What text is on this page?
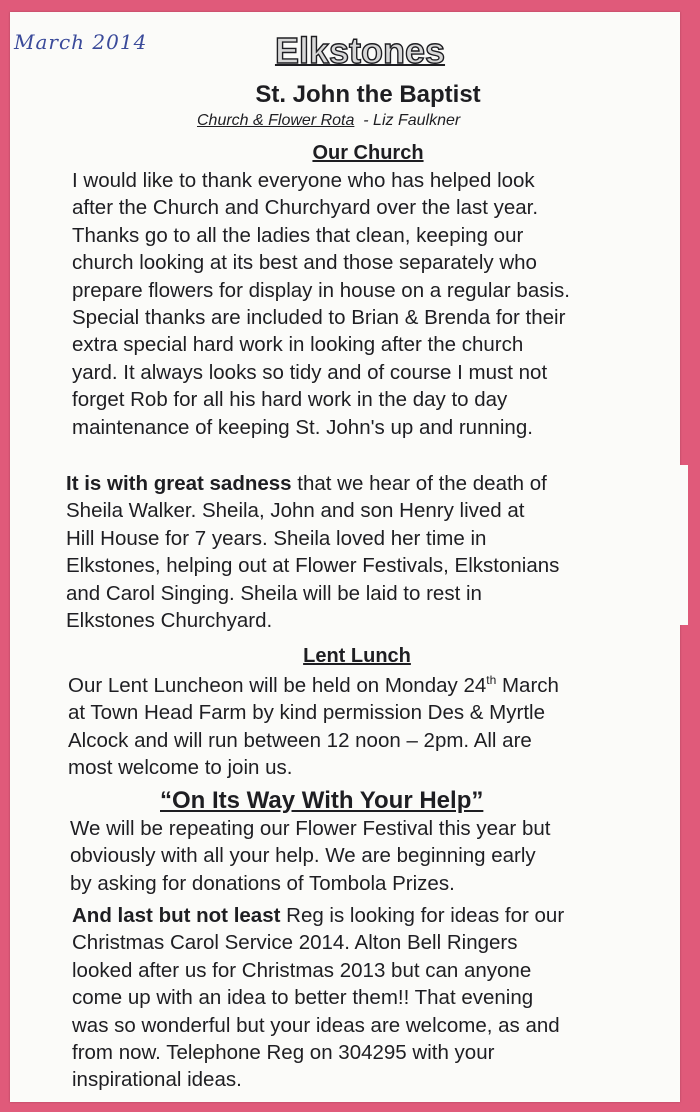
March 2014	Elkstones
St. John the Baptist
Church & Flower Rota - Liz Faulkner
Our Church
I would like to thank everyone who has helped look
after the Church and Churchyard over the last year.
Thanks go to all the ladies that clean, keeping our
church looking at its best and those separately who
prepare flowers for display in house on a regular basis.
Special thanks are included to Brian & Brenda for their
extra special hard work in looking after the church
yard. It always looks so tidy and of course I must not
forget Rob for all his hard work in the day to day
maintenance of keeping St. John's up and running.
It is with great sadness that we hear of the death of
Sheila Walker. Sheila, John and son Henry lived at
Hill House for 7 years. Sheila loved her time in
Elkstones, helping out at Flower Festivals, Elkstonians
and Carol Singing. Sheila will be laid to rest in
Elkstones Churchyard.
Lent Lunch
Our Lent Luncheon will be held on Monday 24th March
at Town Head Farm by kind permission Des & Myrtle
Alcock and will run between 12 noon – 2pm. All are
most welcome to join us.
“On Its Way With Your Help”
We will be repeating our Flower Festival this year but
obviously with all your help. We are beginning early
by asking for donations of Tombola Prizes.
And last but not least Reg is looking for ideas for our
Christmas Carol Service 2014. Alton Bell Ringers
looked after us for Christmas 2013 but can anyone
come up with an idea to better them!! That evening
was so wonderful but your ideas are welcome, as and
from now. Telephone Reg on 304295 with your
inspirational ideas.
